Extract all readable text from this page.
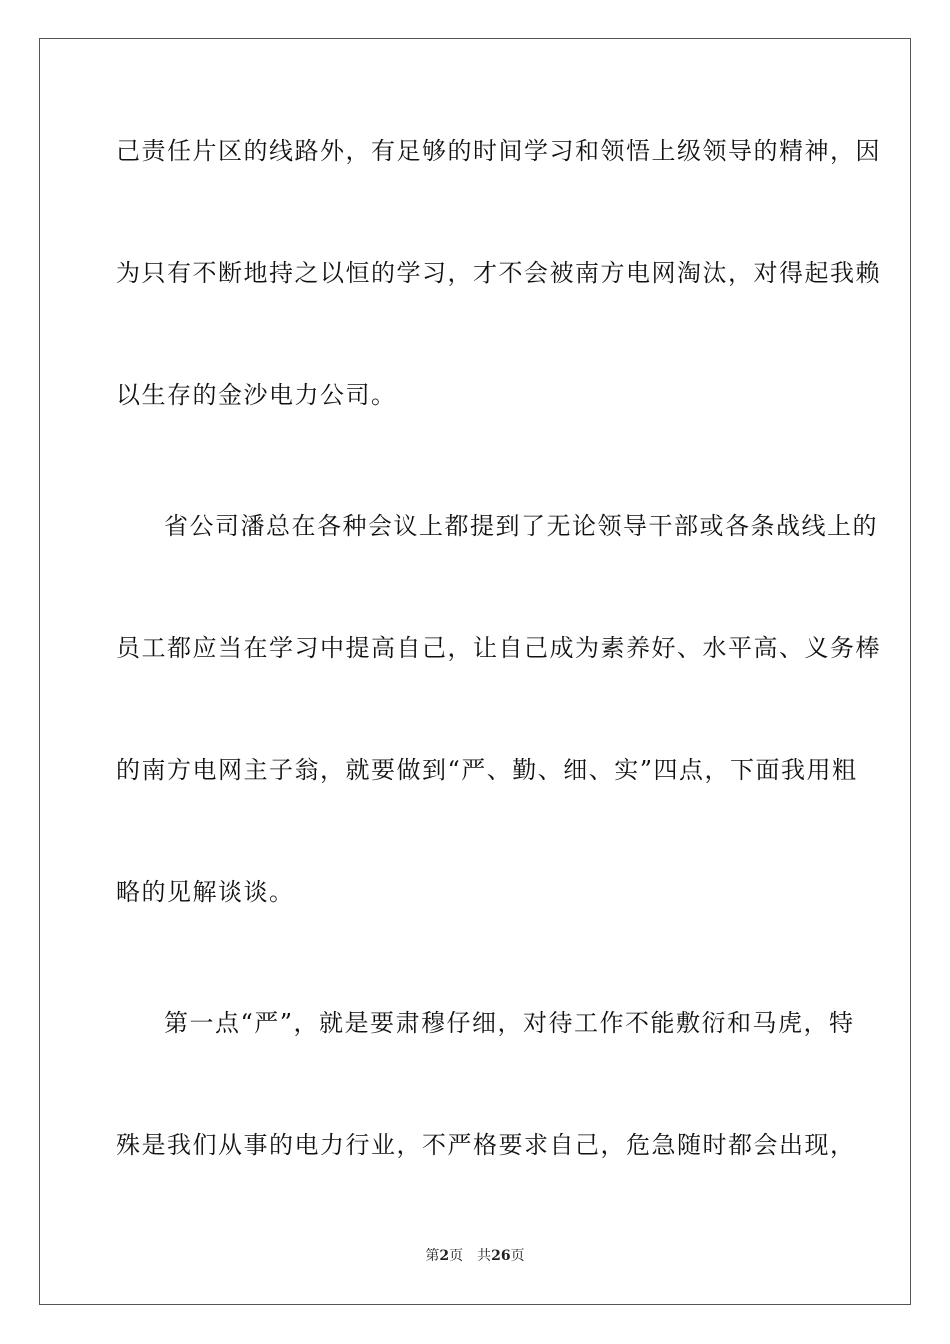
己责任片区的线路外，有足够的时间学习和领悟上级领导的精神，因
为只有不断地持之以恒的学习，才不会被南方电网淘汰，对得起我赖
以生存的金沙电力公司。
省公司潘总在各种会议上都提到了无论领导干部或各条战线上的
员工都应当在学习中提高自己，让自己成为素养好、水平高、义务棒
的南方电网主子翁，就要做到“严、勤、细、实”四点，下面我用粗
略的见解谈谈。
第一点“严”，就是要肃穆仔细，对待工作不能敷衍和马虎，特
殊是我们从事的电力行业，不严格要求自己，危急随时都会出现，
第2页 共26页
